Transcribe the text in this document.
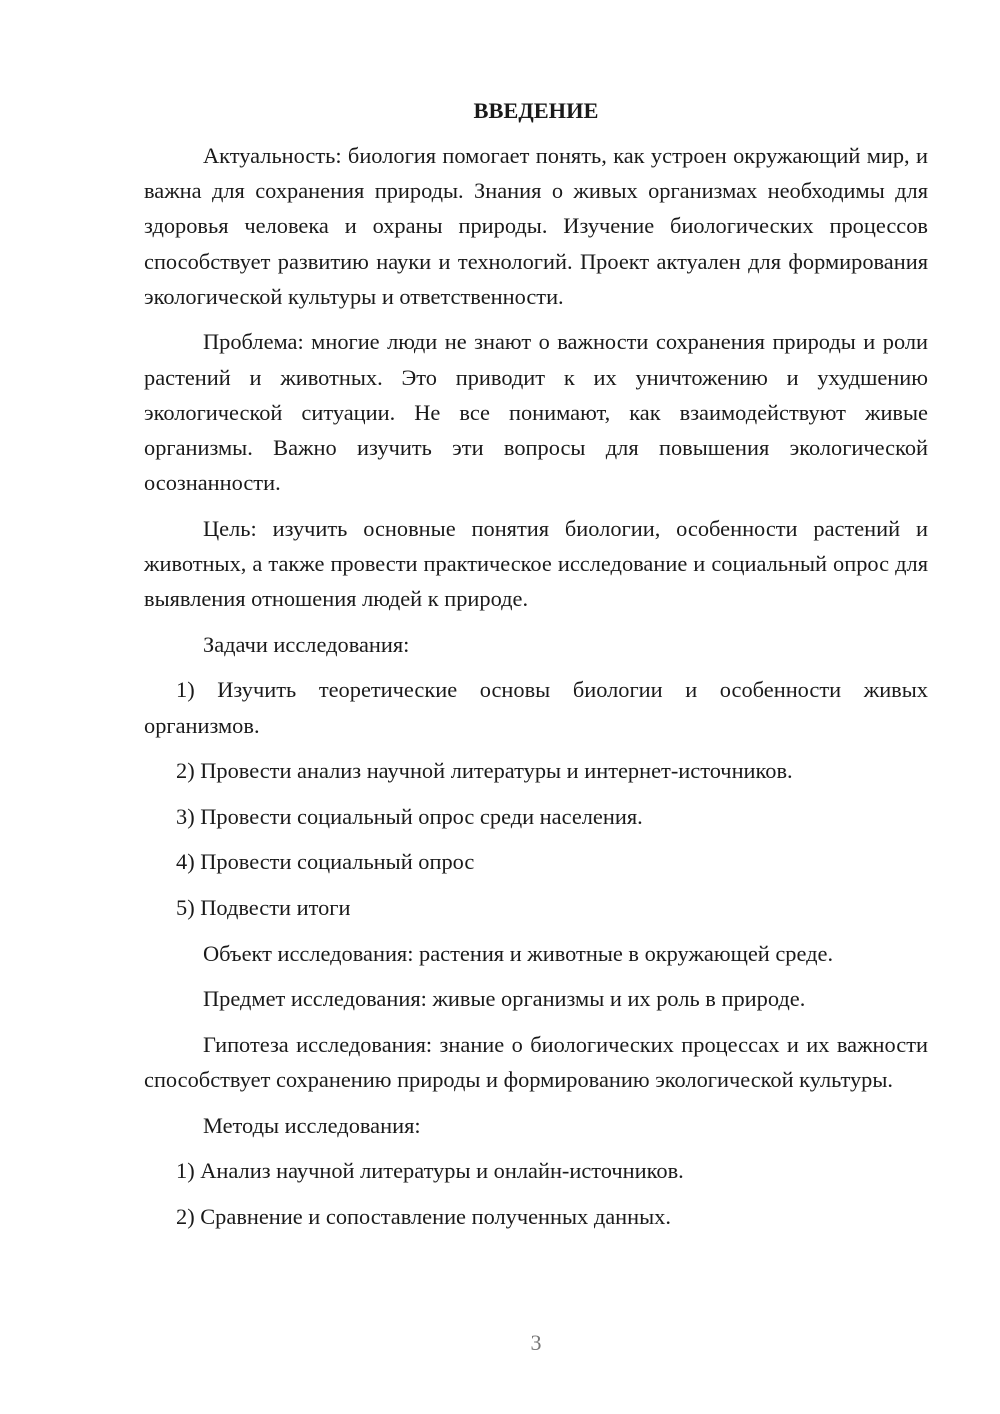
ВВЕДЕНИЕ

Актуальность: биология помогает понять, как устроен окружающий мир, и важна для сохранения природы. Знания о живых организмах необходимы для здоровья человека и охраны природы. Изучение биологических процессов способствует развитию науки и технологий. Проект актуален для формирования экологической культуры и ответственности.

Проблема: многие люди не знают о важности сохранения природы и роли растений и животных. Это приводит к их уничтожению и ухудшению экологической ситуации. Не все понимают, как взаимодействуют живые организмы. Важно изучить эти вопросы для повышения экологической осознанности.

Цель: изучить основные понятия биологии, особенности растений и животных, а также провести практическое исследование и социальный опрос для выявления отношения людей к природе.

Задачи исследования:

1) Изучить теоретические основы биологии и особенности живых организмов.

2) Провести анализ научной литературы и интернет-источников.

3) Провести социальный опрос среди населения.

4) Провести социальный опрос

5) Подвести итоги

Объект исследования: растения и животные в окружающей среде.

Предмет исследования: живые организмы и их роль в природе.

Гипотеза исследования: знание о биологических процессах и их важности способствует сохранению природы и формированию экологической культуры.

Методы исследования:

1) Анализ научной литературы и онлайн-источников.

2) Сравнение и сопоставление полученных данных.

3
